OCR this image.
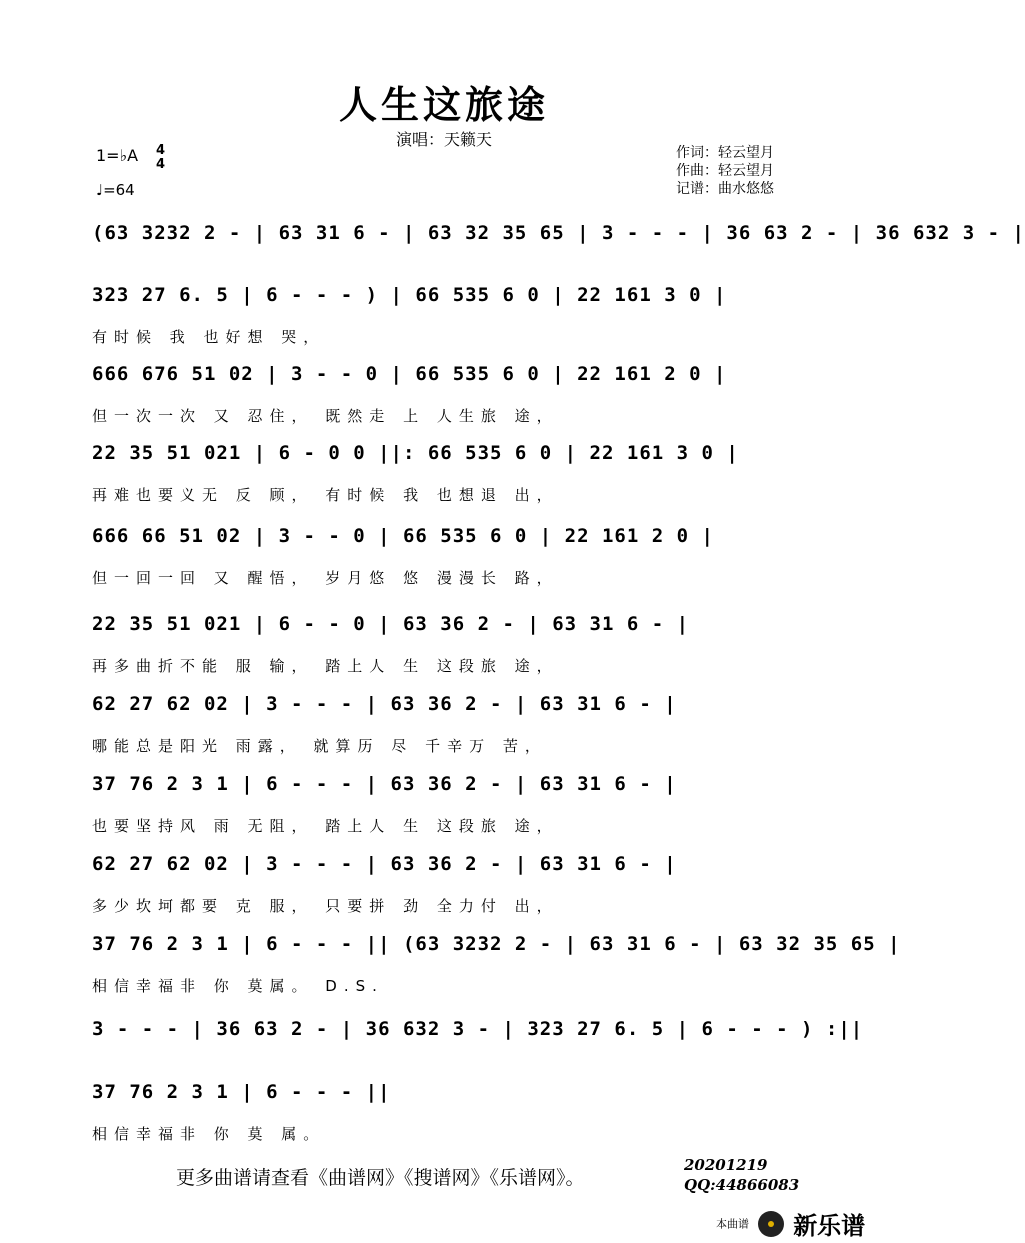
人生这旅途
演唱：天籁天
1=♭A 4
4
♩=64
作词：轻云望月
作曲：轻云望月
记谱：曲水悠悠
(63 3232 2 - | 63 31 6 - | 63 32 35 65 | 3 - - - | 36 63 2 - | 36 632 3 - |
323 27 6. 5 | 6 - - - ) | 66 535 6 0 | 22 161 3 0 |
有时候 我 也好想 哭，
666 676 51 02 | 3 - - 0 | 66 535 6 0 | 22 161 2 0 |
但一次一次 又 忍住， 既然走 上 人生旅 途，
22 35 51 021 | 6 - 0 0 ||: 66 535 6 0 | 22 161 3 0 |
再难也要义无 反 顾， 有时候 我 也想退 出，
666 66 51 02 | 3 - - 0 | 66 535 6 0 | 22 161 2 0 |
但一回一回 又 醒悟， 岁月悠 悠 漫漫长 路，
22 35 51 021 | 6 - - 0 | 63 36 2 - | 63 31 6 - |
再多曲折不能 服 输， 踏上人 生 这段旅 途，
62 27 62 02 | 3 - - - | 63 36 2 - | 63 31 6 - |
哪能总是阳光 雨露， 就算历 尽 千辛万 苦，
37 76 2 3 1 | 6 - - - | 63 36 2 - | 63 31 6 - |
也要坚持风 雨 无阻， 踏上人 生 这段旅 途，
62 27 62 02 | 3 - - - | 63 36 2 - | 63 31 6 - |
多少坎坷都要 克 服， 只要拼 劲 全力付 出，
37 76 2 3 1 | 6 - - - || (63 3232 2 - | 63 31 6 - | 63 32 35 65 |
相信幸福非 你 莫属。 D.S.
3 - - - | 36 63 2 - | 36 632 3 - | 323 27 6. 5 | 6 - - - ) :||
37 76 2 3 1 | 6 - - - ||
相信幸福非 你 莫 属。
更多曲谱请查看《曲谱网》《搜谱网》《乐谱网》。
20201219
QQ:44866083
本曲谱 新乐谱
